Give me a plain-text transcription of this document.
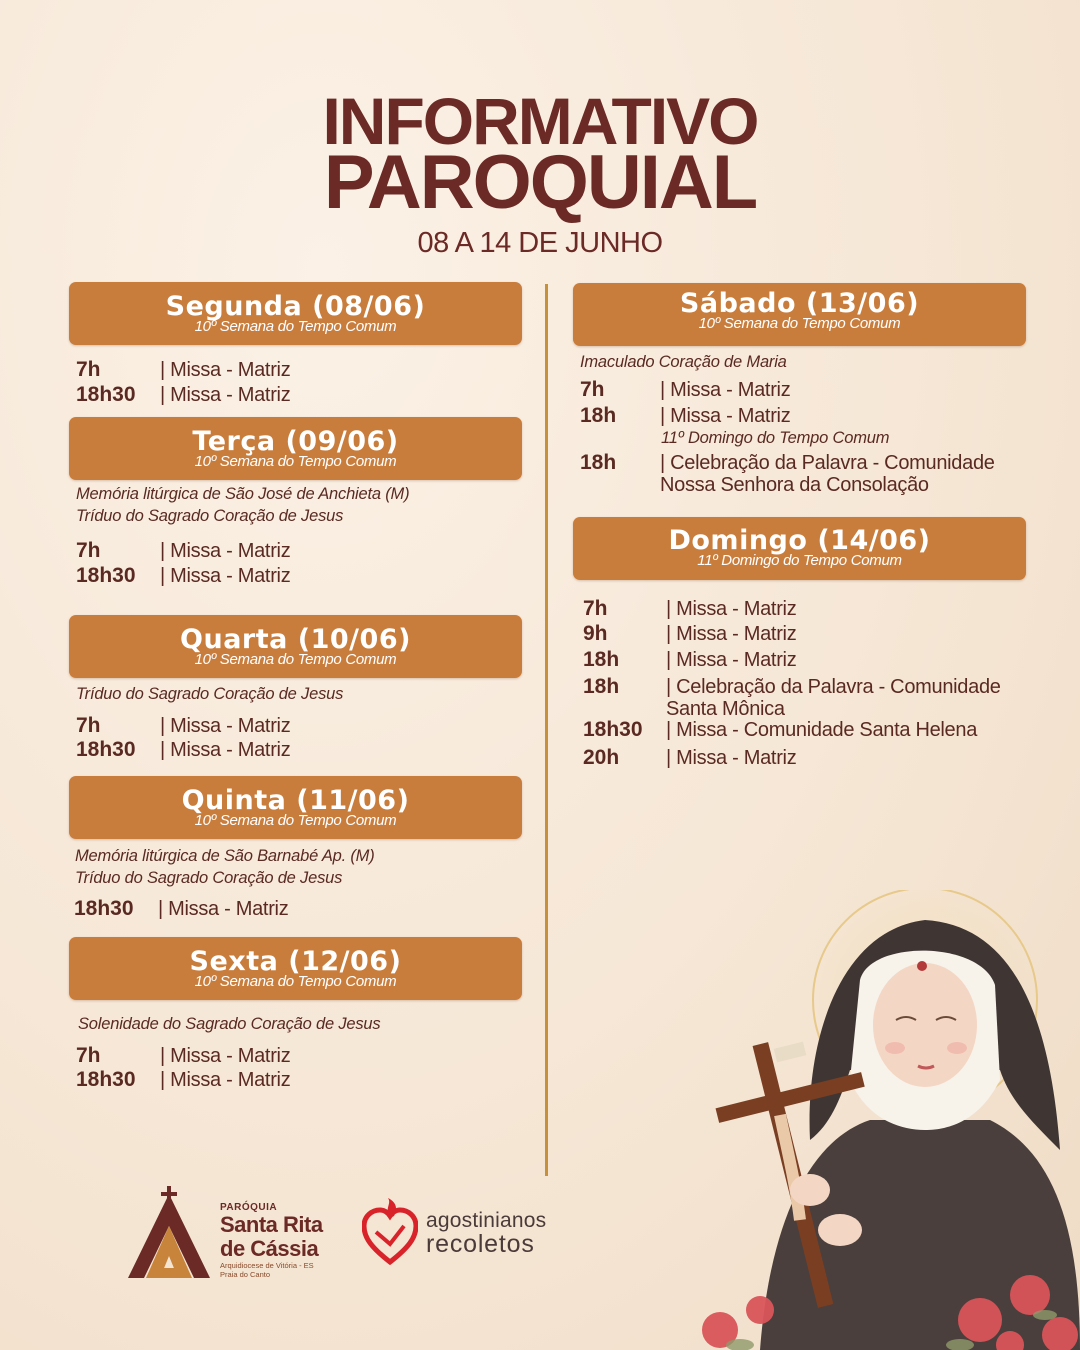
INFORMATIVO
PAROQUIAL
08 A 14 DE JUNHO
Segunda (08/06)
10º Semana do Tempo Comum
7h	| Missa - Matriz
18h30 | Missa - Matriz
Terça (09/06)
10º Semana do Tempo Comum
Memória litúrgica de São José de Anchieta (M)
Tríduo do Sagrado Coração de Jesus
7h	| Missa - Matriz
18h30 | Missa - Matriz
Quarta (10/06)
10º Semana do Tempo Comum
Tríduo do Sagrado Coração de Jesus
7h	| Missa - Matriz
18h30 | Missa - Matriz
Quinta (11/06)
10º Semana do Tempo Comum
Memória litúrgica de São Barnabé Ap. (M)
Tríduo do Sagrado Coração de Jesus
18h30 | Missa - Matriz
Sexta (12/06)
10º Semana do Tempo Comum
Solenidade do Sagrado Coração de Jesus
7h	| Missa - Matriz
18h30 | Missa - Matriz
Sábado (13/06)
10º Semana do Tempo Comum
Imaculado Coração de Maria
7h	| Missa - Matriz
18h | Missa - Matriz
11º Domingo do Tempo Comum
18h | Celebração da Palavra - Comunidade
Nossa Senhora da Consolação
Domingo (14/06)
11º Domingo do Tempo Comum
7h	| Missa - Matriz
9h	| Missa - Matriz
18h | Missa - Matriz
18h | Celebração da Palavra - Comunidade
Santa Mônica
18h30 | Missa - Comunidade Santa Helena
20h | Missa - Matriz
PARÓQUIA
Santa Rita
de Cássia
Arquidiocese de Vitória - ES
Praia do Canto
agostinianos
recoletos
